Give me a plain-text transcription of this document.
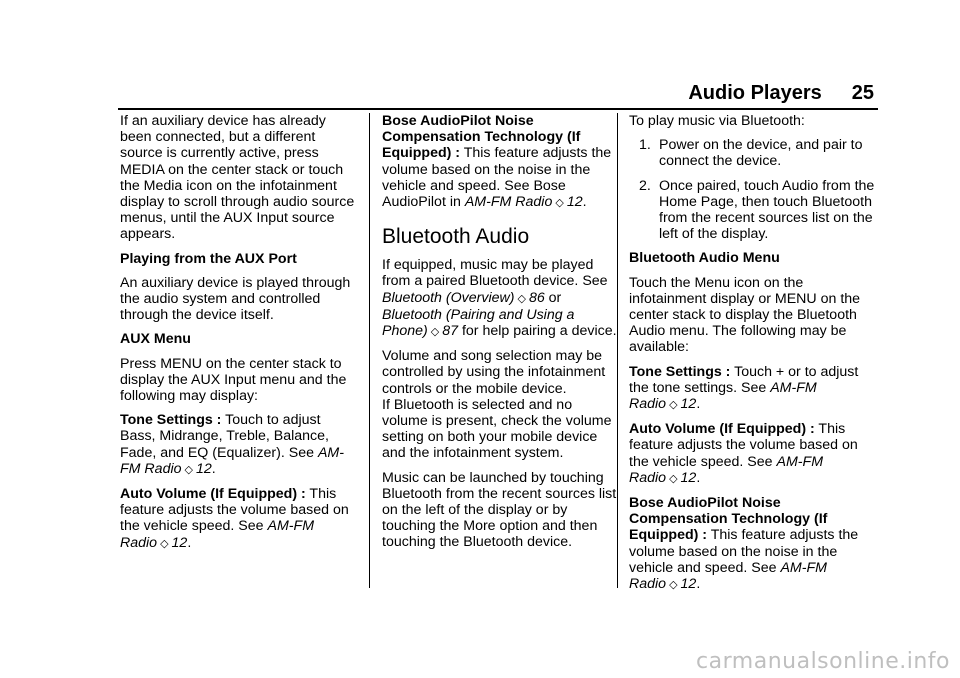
Audio Players 25

If an auxiliary device has already been connected, but a different source is currently active, press MEDIA on the center stack or touch the Media icon on the infotainment display to scroll through audio source menus, until the AUX Input source appears.

Playing from the AUX Port

An auxiliary device is played through the audio system and controlled through the device itself.

AUX Menu

Press MENU on the center stack to display the AUX Input menu and the following may display:

Tone Settings : Touch to adjust Bass, Midrange, Treble, Balance, Fade, and EQ (Equalizer). See AM-FM Radio ◇ 12.

Auto Volume (If Equipped) : This feature adjusts the volume based on the vehicle speed. See AM-FM Radio ◇ 12.

Bose AudioPilot Noise Compensation Technology (If Equipped) : This feature adjusts the volume based on the noise in the vehicle and speed. See Bose AudioPilot in AM-FM Radio ◇ 12.

Bluetooth Audio

If equipped, music may be played from a paired Bluetooth device. See Bluetooth (Overview) ◇ 86 or Bluetooth (Pairing and Using a Phone) ◇ 87 for help pairing a device.

Volume and song selection may be controlled by using the infotainment controls or the mobile device.

If Bluetooth is selected and no volume is present, check the volume setting on both your mobile device and the infotainment system.

Music can be launched by touching Bluetooth from the recent sources list on the left of the display or by touching the More option and then touching the Bluetooth device.

To play music via Bluetooth:

1. Power on the device, and pair to connect the device.
2. Once paired, touch Audio from the Home Page, then touch Bluetooth from the recent sources list on the left of the display.

Bluetooth Audio Menu

Touch the Menu icon on the infotainment display or MENU on the center stack to display the Bluetooth Audio menu. The following may be available:

Tone Settings : Touch + or to adjust the tone settings. See AM-FM Radio ◇ 12.

Auto Volume (If Equipped) : This feature adjusts the volume based on the vehicle speed. See AM-FM Radio ◇ 12.

Bose AudioPilot Noise Compensation Technology (If Equipped) : This feature adjusts the volume based on the noise in the vehicle and speed. See AM-FM Radio ◇ 12.

carmanualsonline.info
